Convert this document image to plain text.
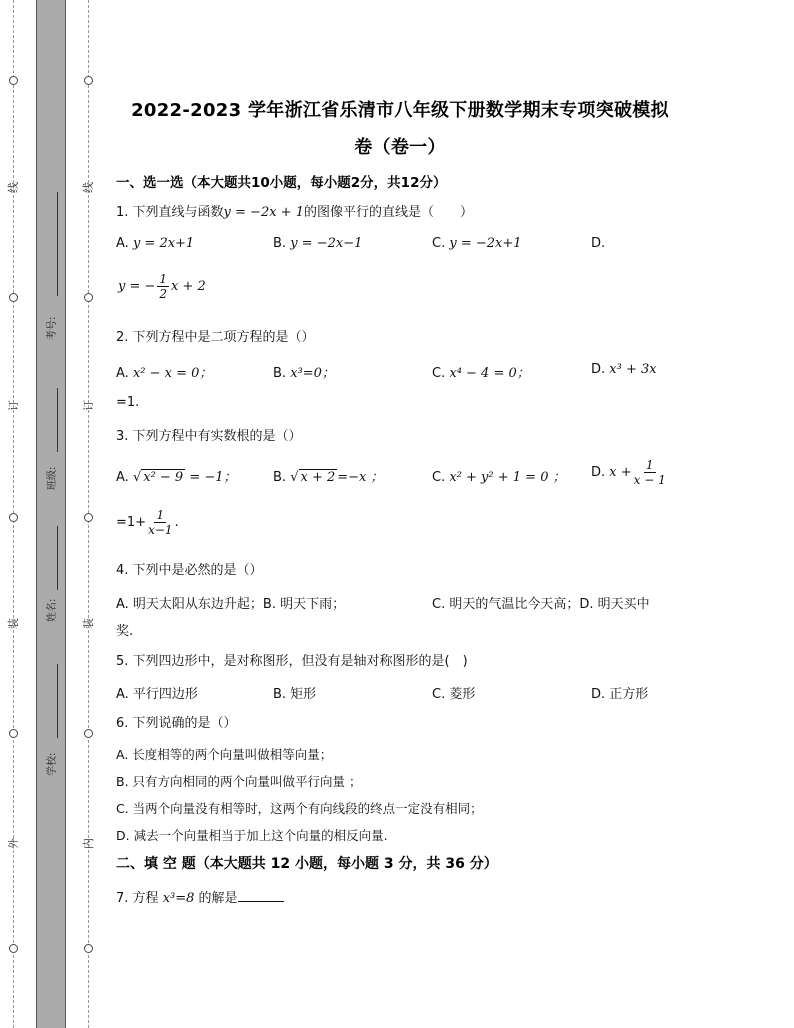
线
订
装
外
线
订
装
内
考号:
班级:
姓名:
学校:
2022-2023 学年浙江省乐清市八年级下册数学期末专项突破模拟
卷（卷一）
一、选一选（本大题共10小题，每小题2分，共12分）
1. 下列直线与函数y = −2x + 1的图像平行的直线是（　　）
A. y = 2x+1	B. y = −2x−1	C. y = −2x+1	D.
y = − $\frac{1}{2}$ x + 2
2. 下列方程中是二项方程的是（）
A. x² − x = 0；	B. x³=0；	C. x⁴ − 4 = 0；	D. x³ + 3x
=1.
3. 下列方程中有实数根的是（）
A. √ x² − 9 = −1；	B. √ x + 2 =−x ；	C. x² + y² + 1 = 0 ； D. $x + \frac{1}{x - 1}$
$=1+ \frac{1}{x-1}$ .
4. 下列中是必然的是（）
A. 明天太阳从东边升起；B. 明天下雨；	C. 明天的气温比今天高；D. 明天买中
奖.
5. 下列四边形中，是对称图形，但没有是轴对称图形的是(　)
A. 平行四边形	B. 矩形	C. 菱形	D. 正方形
6. 下列说确的是（）
A. 长度相等的两个向量叫做相等向量；
B. 只有方向相同的两个向量叫做平行向量 ；
C. 当两个向量没有相等时，这两个有向线段的终点一定没有相同；
D. 减去一个向量相当于加上这个向量的相反向量.
二、填 空 题（本大题共 12 小题，每小题 3 分，共 36 分）
7. 方程 x³=8 的解是
